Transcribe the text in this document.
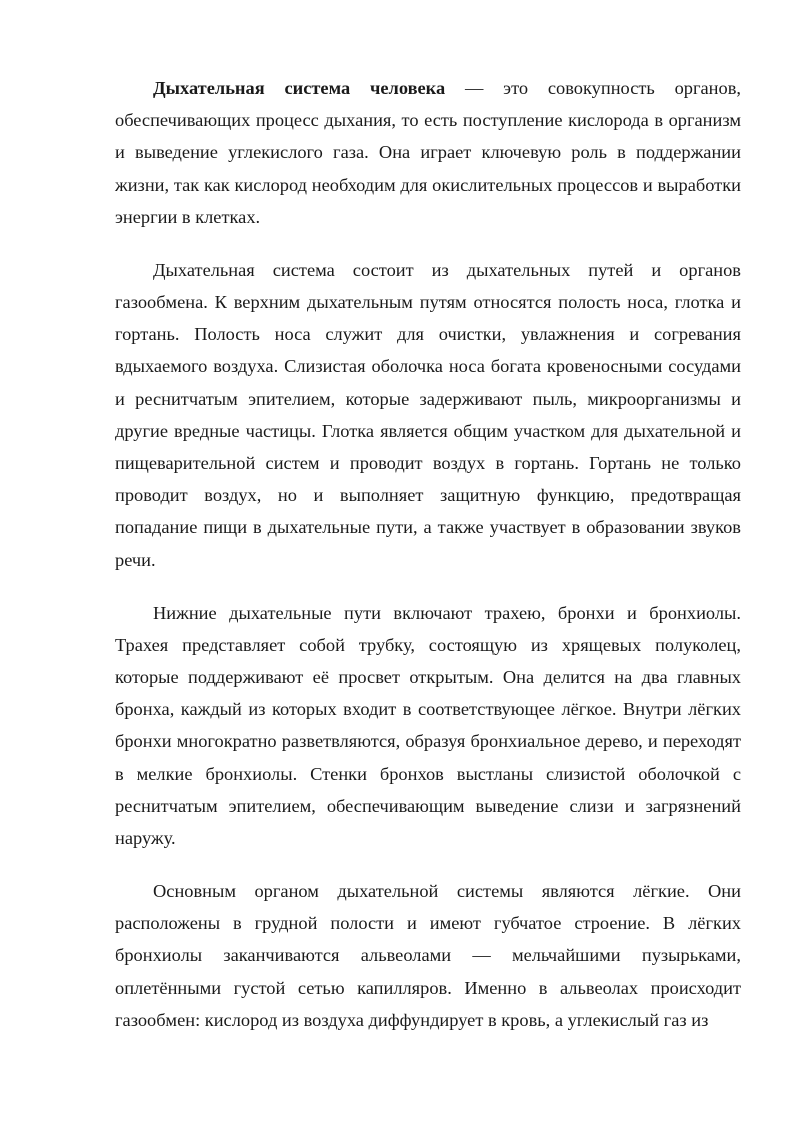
Дыхательная система человека — это совокупность органов, обеспечивающих процесс дыхания, то есть поступление кислорода в организм и выведение углекислого газа. Она играет ключевую роль в поддержании жизни, так как кислород необходим для окислительных процессов и выработки энергии в клетках.

Дыхательная система состоит из дыхательных путей и органов газообмена. К верхним дыхательным путям относятся полость носа, глотка и гортань. Полость носа служит для очистки, увлажнения и согревания вдыхаемого воздуха. Слизистая оболочка носа богата кровеносными сосудами и реснитчатым эпителием, которые задерживают пыль, микроорганизмы и другие вредные частицы. Глотка является общим участком для дыхательной и пищеварительной систем и проводит воздух в гортань. Гортань не только проводит воздух, но и выполняет защитную функцию, предотвращая попадание пищи в дыхательные пути, а также участвует в образовании звуков речи.

Нижние дыхательные пути включают трахею, бронхи и бронхиолы. Трахея представляет собой трубку, состоящую из хрящевых полуколец, которые поддерживают её просвет открытым. Она делится на два главных бронха, каждый из которых входит в соответствующее лёгкое. Внутри лёгких бронхи многократно разветвляются, образуя бронхиальное дерево, и переходят в мелкие бронхиолы. Стенки бронхов выстланы слизистой оболочкой с реснитчатым эпителием, обеспечивающим выведение слизи и загрязнений наружу.

Основным органом дыхательной системы являются лёгкие. Они расположены в грудной полости и имеют губчатое строение. В лёгких бронхиолы заканчиваются альвеолами — мельчайшими пузырьками, оплетёнными густой сетью капилляров. Именно в альвеолах происходит газообмен: кислород из воздуха диффундирует в кровь, а углекислый газ из
